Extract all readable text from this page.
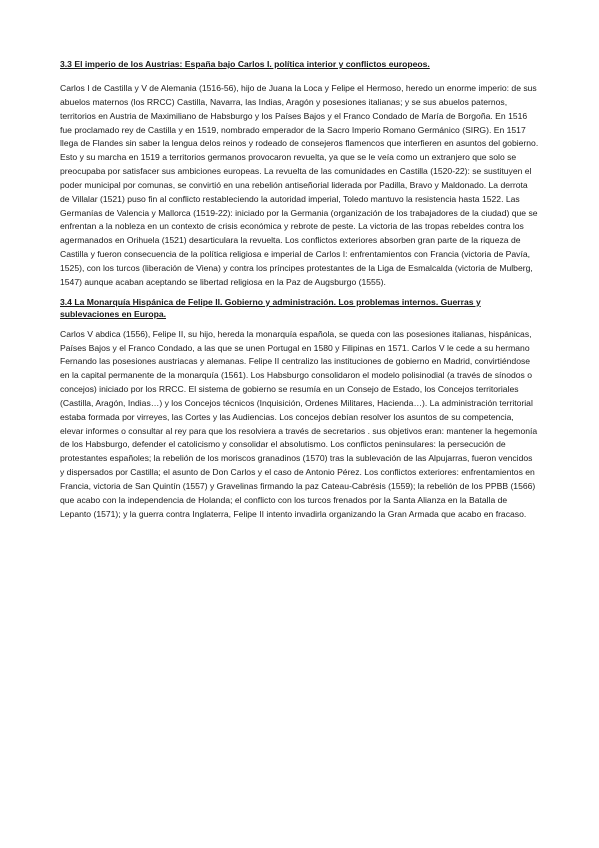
3.3 El imperio de los Austrias: España bajo Carlos I. política interior y conflictos europeos.

Carlos I de Castilla y V de Alemania (1516-56), hijo de Juana la Loca y Felipe el Hermoso, heredo un enorme imperio: de sus abuelos maternos (los RRCC) Castilla, Navarra, las Indias, Aragón y posesiones italianas; y se sus abuelos paternos, territorios en Austria de Maximiliano de Habsburgo y los Países Bajos y el Franco Condado de María de Borgoña. En 1516 fue proclamado rey de Castilla y en 1519, nombrado emperador de la Sacro Imperio Romano Germánico (SIRG). En 1517 llega de Flandes sin saber la lengua delos reinos y rodeado de consejeros flamencos que interfieren en asuntos del gobierno. Esto y su marcha en 1519 a territorios germanos provocaron revuelta, ya que se le veía como un extranjero que solo se preocupaba por satisfacer sus ambiciones europeas. La revuelta de las comunidades en Castilla (1520-22): se sustituyen el poder municipal por comunas, se convirtió en una rebelión antiseñorial liderada por Padilla, Bravo y Maldonado. La derrota de Villalar (1521) puso fin al conflicto restableciendo la autoridad imperial, Toledo mantuvo la resistencia hasta 1522. Las Germanías de Valencia y Mallorca (1519-22): iniciado por la Germania (organización de los trabajadores de la ciudad) que se enfrentan a la nobleza en un contexto de crisis económica y rebrote de peste. La victoria de las tropas rebeldes contra los agermanados en Orihuela (1521) desarticulara la revuelta. Los conflictos exteriores absorben gran parte de la riqueza de Castilla y fueron consecuencia de la política religiosa e imperial de Carlos I: enfrentamientos con Francia (victoria de Pavía, 1525), con los turcos (liberación de Viena) y contra los príncipes protestantes de la Liga de Esmalcalda (victoria de Mulberg, 1547) aunque acaban aceptando se libertad religiosa en la Paz de Augsburgo (1555).

3.4 La Monarquía Hispánica de Felipe II. Gobierno y administración. Los problemas internos. Guerras y sublevaciones en Europa.

Carlos V abdica (1556), Felipe II, su hijo, hereda la monarquía española, se queda con las posesiones italianas, hispánicas, Países Bajos y el Franco Condado, a las que se unen Portugal en 1580 y Filipinas en 1571. Carlos V le cede a su hermano Fernando las posesiones austriacas y alemanas. Felipe II centralizo las instituciones de gobierno en Madrid, convirtiéndose en la capital permanente de la monarquía (1561). Los Habsburgo consolidaron el modelo polisinodial (a través de sínodos o concejos) iniciado por los RRCC. El sistema de gobierno se resumía en un Consejo de Estado, los Concejos territoriales (Castilla, Aragón, Indias…) y los Concejos técnicos (Inquisición, Ordenes Militares, Hacienda…). La administración territorial estaba formada por virreyes, las Cortes y las Audiencias. Los concejos debían resolver los asuntos de su competencia, elevar informes o consultar al rey para que los resolviera a través de secretarios . sus objetivos eran: mantener la hegemonía de los Habsburgo, defender el catolicismo y consolidar el absolutismo. Los conflictos peninsulares: la persecución de protestantes españoles; la rebelión de los moriscos granadinos (1570) tras la sublevación de las Alpujarras, fueron vencidos y dispersados por Castilla; el asunto de Don Carlos y el caso de Antonio Pérez. Los conflictos exteriores: enfrentamientos en Francia, victoria de San Quintín (1557) y Gravelinas firmando la paz Cateau-Cabrésis (1559); la rebelión de los PPBB (1566) que acabo con la independencia de Holanda; el conflicto con los turcos frenados por la Santa Alianza en la Batalla de Lepanto (1571); y la guerra contra Inglaterra, Felipe II intento invadirla organizando la Gran Armada que acabo en fracaso.
